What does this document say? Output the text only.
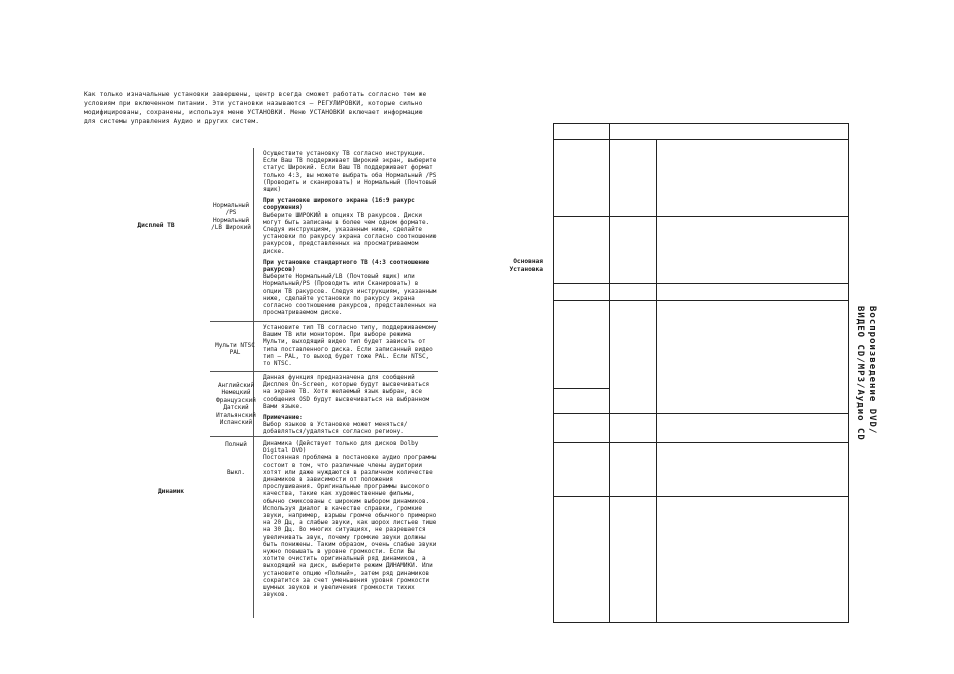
Как только изначальные установки завершены, центр всегда сможет работать согласно тем же условиям при включенном питании. Эти установки называются – РЕГУЛИРОВКИ, которые сильно модифицированы, сохранены, используя меню УСТАНОВКИ. Меню УСТАНОВКИ включает информацию для системы управления Аудио и других систем.

Дисплей ТВ
Нормальный /PS Нормальный /LB Широкий

Осуществите установку ТВ согласно инструкции. Если Ваш ТВ поддерживает Широкий экран, выберите статус Широкий. Если Ваш ТВ поддерживает формат только 4:3, вы можете выбрать оба Нормальный /PS (Проводить и сканировать) и Нормальный (Почтовый ящик)

При установке широкого экрана (16:9 ракурс сооружения)

Выберите ШИРОКИЙ в опциях ТВ ракурсов. Диски могут быть записаны в более чем одном формате. Следуя инструкциям, указанным ниже, сделайте установки по ракурсу экрана согласно соотношению ракурсов, представленных на просматриваемом диске.

При установке стандартного ТВ (4:3 соотношение ракурсов)

Выберите Нормальный/LB (Почтовый ящик) или Нормальный/PS (Проводить или Сканировать) в опции ТВ ракурсов. Следуя инструкциям, указанным ниже, сделайте установки по ракурсу экрана согласно соотношению ракурсов, представленных на просматриваемом диске.

Мульти NTSC PAL

Установите тип ТВ согласно типу, поддерживаемому Вашим ТВ или монитором. При выборе режима Мульти, выходящий видео тип будет зависеть от типа поставленного диска. Если записанный видео тип – PAL, то выход будет тоже PAL. Если NTSC, то NTSC.

Английский Немецкий Французский Датский Итальянский Испанский

Данная функция предназначена для сообщений Дисплея On-Screen, которые будут высвечиваться на экране ТВ. Хотя желаемый язык выбран, все сообщения OSD будут высвечиваться на выбранном Вами языке.

Примечание:

Выбор языков в Установке может меняться/добавляться/удаляться согласно региону.

Динамик
Полный
Выкл.

Динамика (Действует только для дисков Dolby Digital DVD)

Постоянная проблема в постановке аудио программы состоит в том, что различные члены аудитории хотят или даже нуждаются в различном количестве динамиков в зависимости от положения прослушивания. Оригинальные программы высокого качества, такие как художественные фильмы, обычно смиксованы с широким выбором динамиков. Используя диалог в качестве справки, громкие звуки, например, взрывы громче обычного примерно на 20 Дц, а слабые звуки, как шорох листьев тише на 30 Дц. Во многих ситуациях, не разрешается увеличивать звук, почему громкие звуки должны быть понижены. Таким образом, очень слабые звуки нужно повышать в уровне громкости. Если Вы хотите очистить оригинальный ряд динамиков, а выходящий на диск, выберите режим ДИНАМИКИ. Или установите опцию «Полный», затем ряд динамиков сократится за счет уменьшения уровня громкости шумных звуков и увеличения громкости тихих звуков.

Основная Установка
Воспроизведение DVD/
ВИДЕО CD/MP3/Аудио CD
